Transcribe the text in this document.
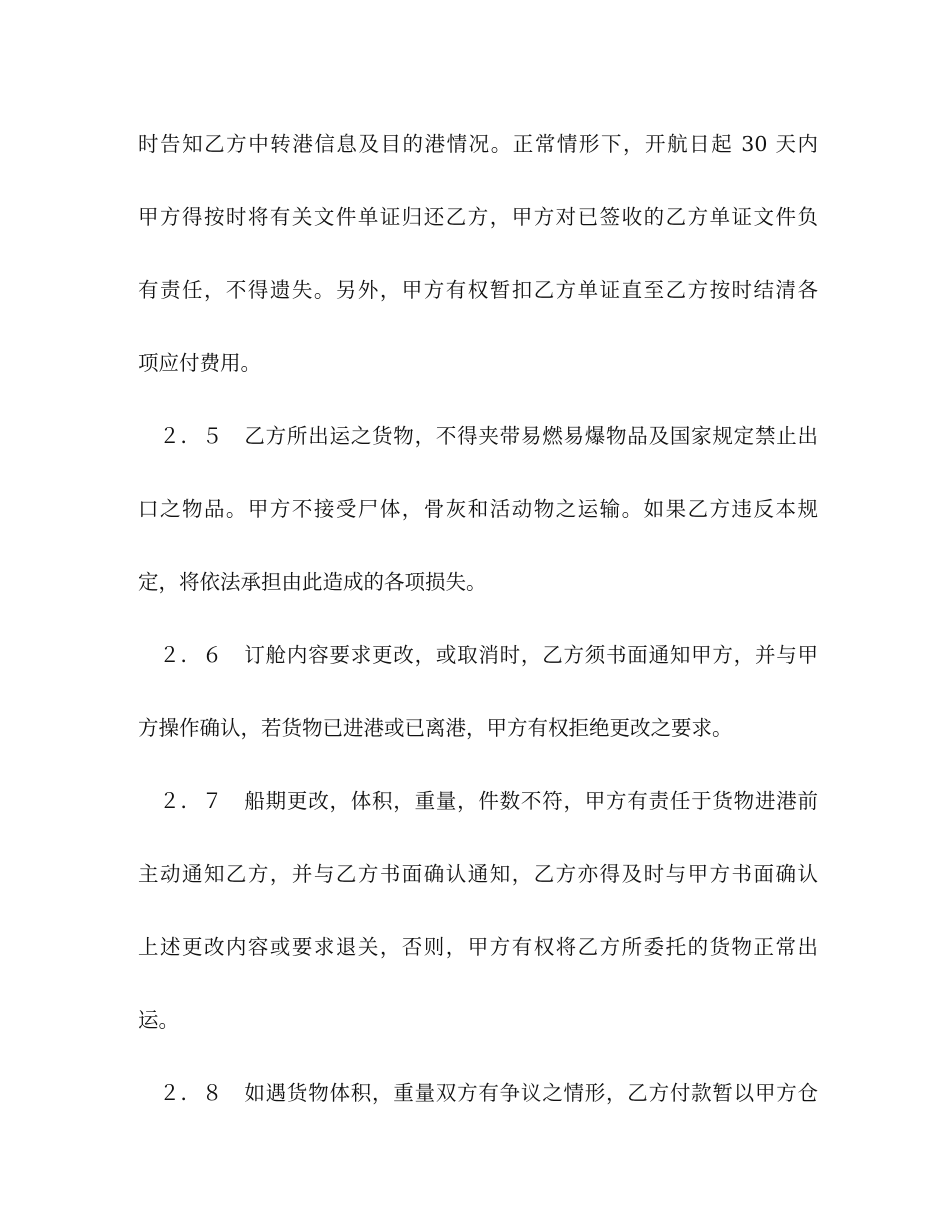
时告知乙方中转港信息及目的港情况。正常情形下，开航日起 30 天内
甲方得按时将有关文件单证归还乙方，甲方对已签收的乙方单证文件负
有责任，不得遗失。另外，甲方有权暂扣乙方单证直至乙方按时结清各
项应付费用。
　２．５　乙方所出运之货物，不得夹带易燃易爆物品及国家规定禁止出
口之物品。甲方不接受尸体，骨灰和活动物之运输。如果乙方违反本规
定，将依法承担由此造成的各项损失。
　２．６　订舱内容要求更改，或取消时，乙方须书面通知甲方，并与甲
方操作确认，若货物已进港或已离港，甲方有权拒绝更改之要求。
　２．７　船期更改，体积，重量，件数不符，甲方有责任于货物进港前
主动通知乙方，并与乙方书面确认通知，乙方亦得及时与甲方书面确认
上述更改内容或要求退关，否则，甲方有权将乙方所委托的货物正常出
运。
　２．８　如遇货物体积，重量双方有争议之情形，乙方付款暂以甲方仓
